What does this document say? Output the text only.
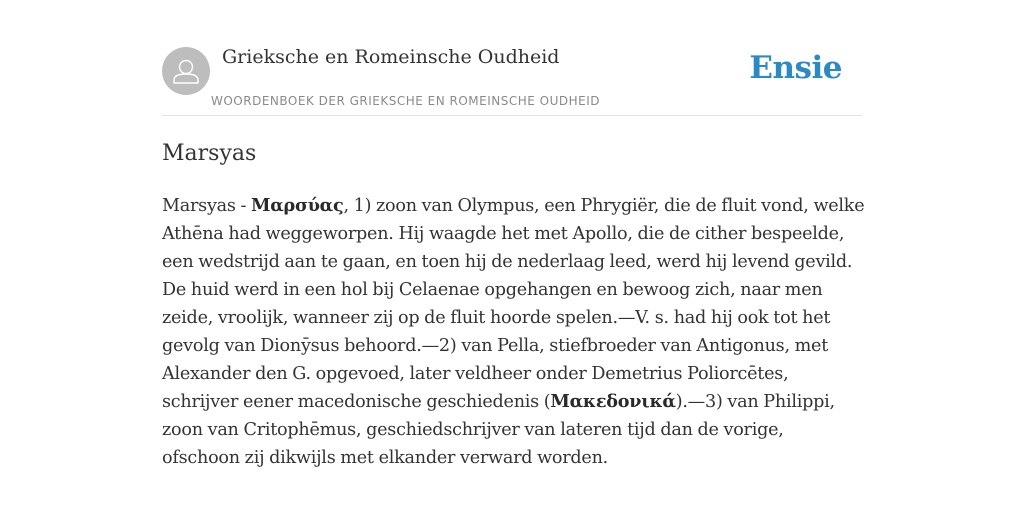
Grieksche en Romeinsche Oudheid
WOORDENBOEK DER GRIEKSCHE EN ROMEINSCHE OUDHEID
Ensie
Marsyas

Marsyas - Μαρσύας, 1) zoon van Olympus, een Phrygiër, die de fluit vond, welke Athēna had weggeworpen. Hij waagde het met Apollo, die de cither bespeelde, een wedstrijd aan te gaan, en toen hij de nederlaag leed, werd hij levend gevild. De huid werd in een hol bij Celaenae opgehangen en bewoog zich, naar men zeide, vroolijk, wanneer zij op de fluit hoorde spelen.—V. s. had hij ook tot het gevolg van Dionȳsus behoord.—2) van Pella, stiefbroeder van Antigonus, met Alexander den G. opgevoed, later veldheer onder Demetrius Poliorcētes, schrijver eener macedonische geschiedenis (Μακεδονικά).—3) van Philippi, zoon van Critophēmus, geschiedschrijver van lateren tijd dan de vorige, ofschoon zij dikwijls met elkander verward worden.
